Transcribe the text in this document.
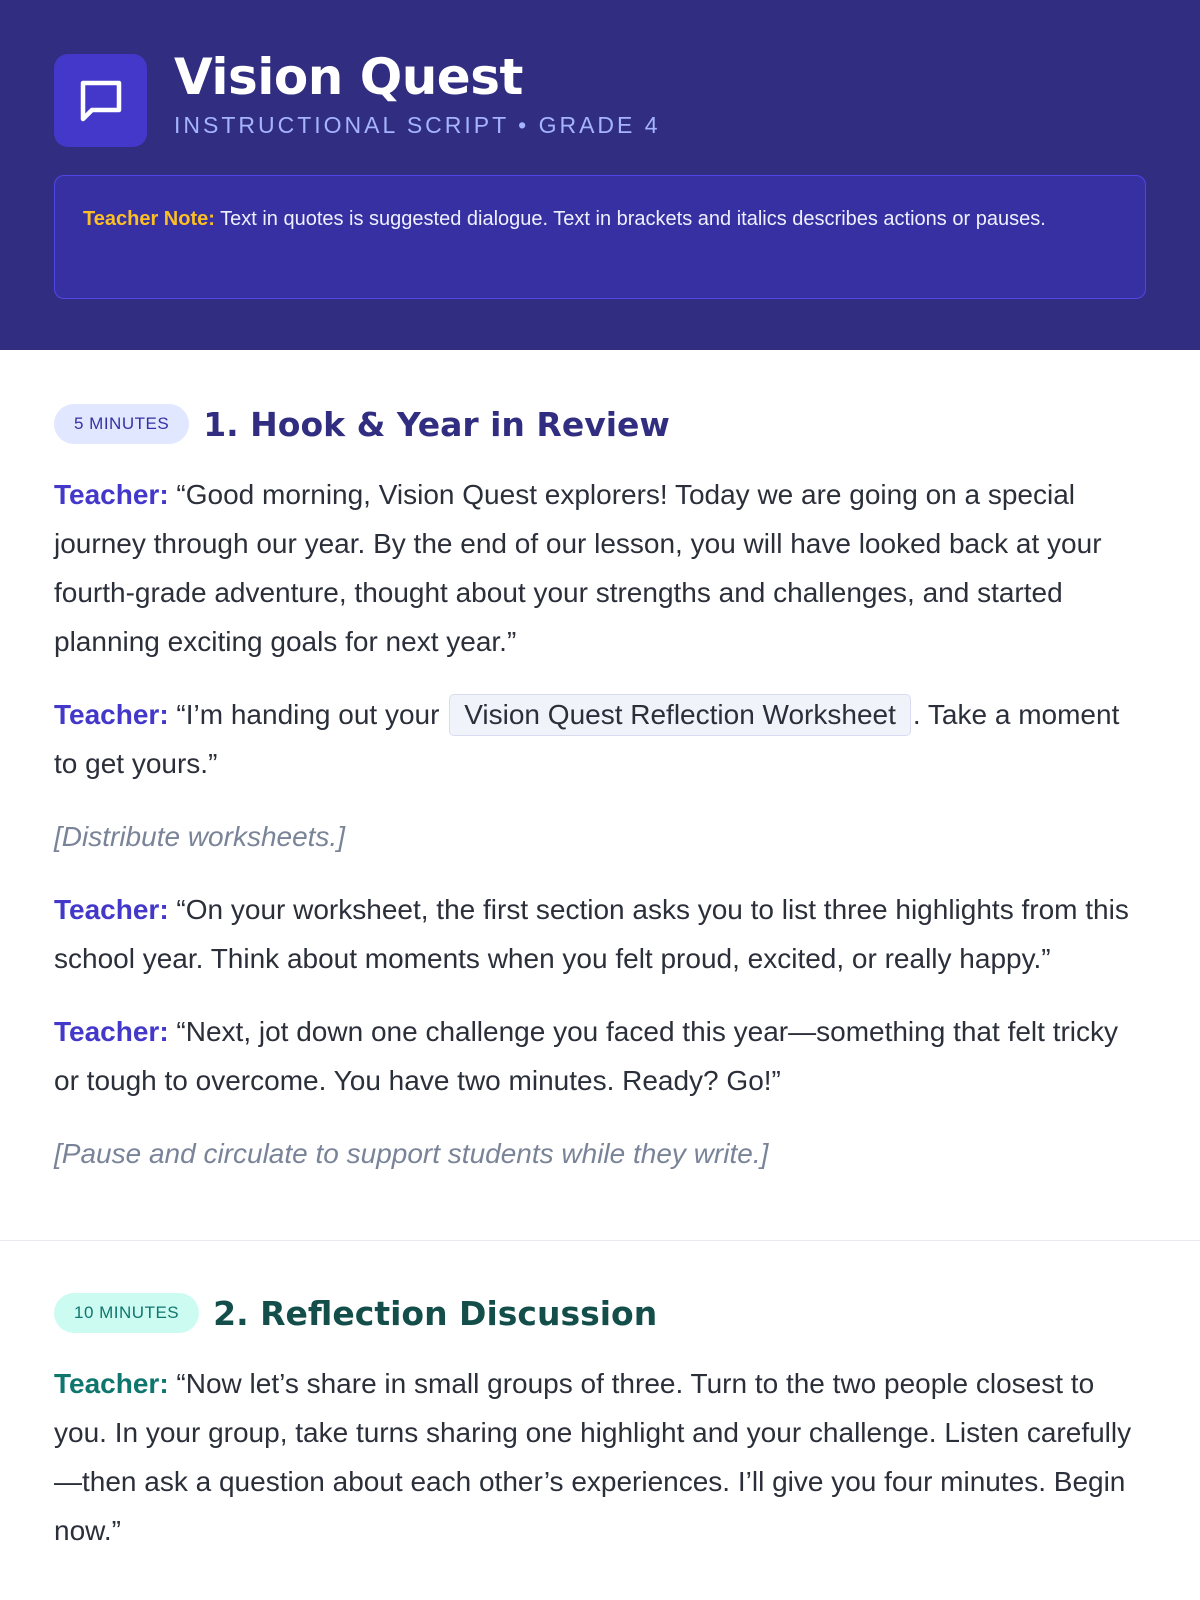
Vision Quest
INSTRUCTIONAL SCRIPT • GRADE 4
Teacher Note: Text in quotes is suggested dialogue. Text in brackets and italics describes actions or pauses.
5 MINUTES	1. Hook & Year in Review

Teacher: “Good morning, Vision Quest explorers! Today we are going on a special journey through our year. By the end of our lesson, you will have looked back at your fourth-grade adventure, thought about your strengths and challenges, and started planning exciting goals for next year.”

Teacher: “I’m handing out your Vision Quest Reflection Worksheet . Take a moment to get yours.”

[Distribute worksheets.]

Teacher: “On your worksheet, the first section asks you to list three highlights from this school year. Think about moments when you felt proud, excited, or really happy.”

Teacher: “Next, jot down one challenge you faced this year—something that felt tricky or tough to overcome. You have two minutes. Ready? Go!”

[Pause and circulate to support students while they write.]

10 MINUTES	2. Reflection Discussion

Teacher: “Now let’s share in small groups of three. Turn to the two people closest to you. In your group, take turns sharing one highlight and your challenge. Listen carefully—then ask a question about each other’s experiences. I’ll give you four minutes. Begin now.”
